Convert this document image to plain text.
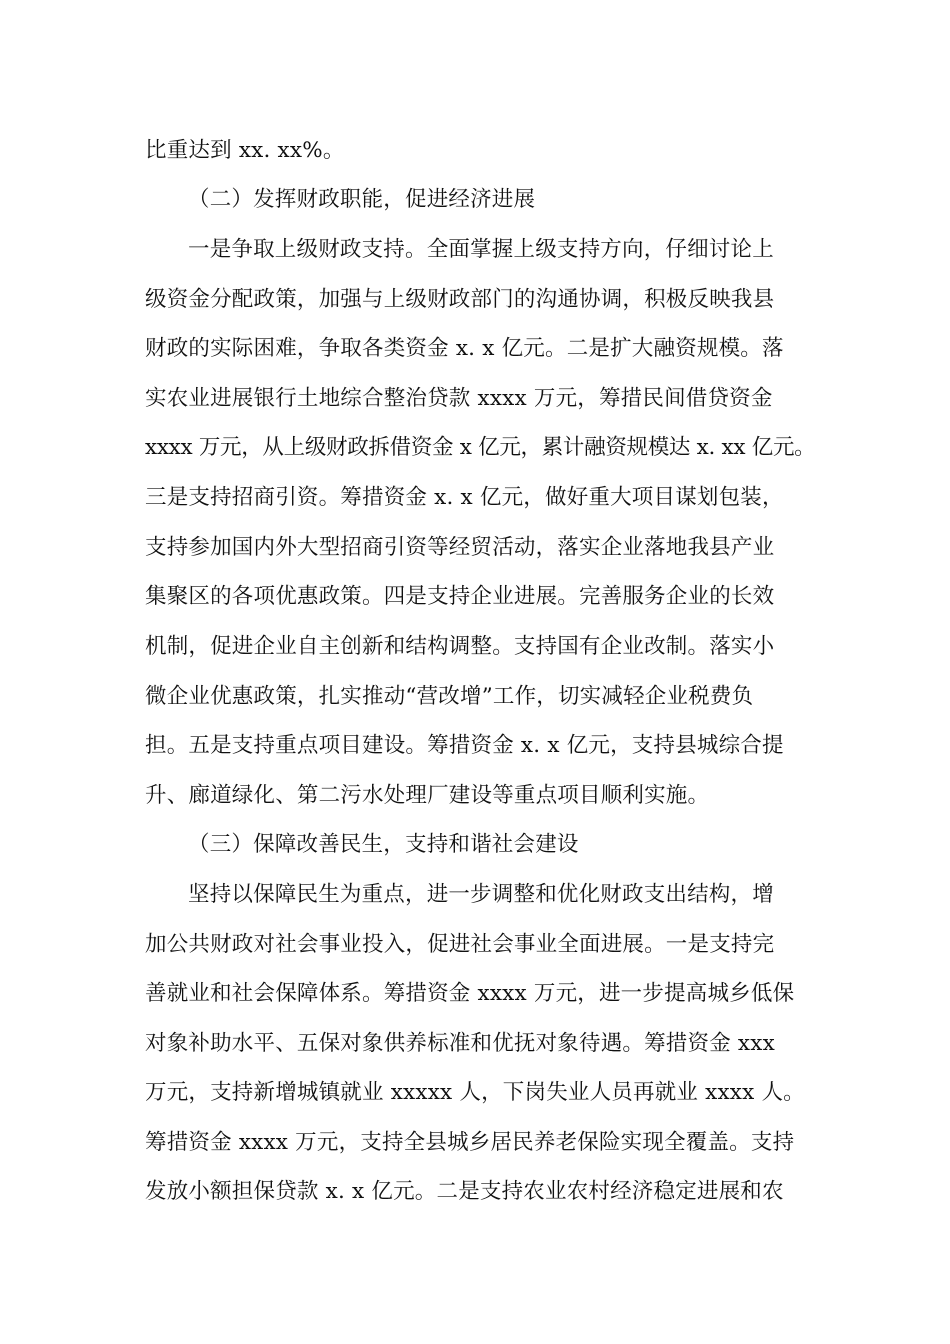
比重达到 xx. xx%。
（二）发挥财政职能，促进经济进展
一是争取上级财政支持。全面掌握上级支持方向，仔细讨论上
级资金分配政策，加强与上级财政部门的沟通协调，积极反映我县
财政的实际困难，争取各类资金 x. x 亿元。二是扩大融资规模。落
实农业进展银行土地综合整治贷款 xxxx 万元，筹措民间借贷资金
xxxx 万元，从上级财政拆借资金 x 亿元，累计融资规模达 x. xx 亿元。
三是支持招商引资。筹措资金 x. x 亿元，做好重大项目谋划包装，
支持参加国内外大型招商引资等经贸活动，落实企业落地我县产业
集聚区的各项优惠政策。四是支持企业进展。完善服务企业的长效
机制，促进企业自主创新和结构调整。支持国有企业改制。落实小
微企业优惠政策，扎实推动“营改增”工作，切实减轻企业税费负
担。五是支持重点项目建设。筹措资金 x. x 亿元，支持县城综合提
升、廊道绿化、第二污水处理厂建设等重点项目顺利实施。
（三）保障改善民生，支持和谐社会建设
坚持以保障民生为重点，进一步调整和优化财政支出结构，增
加公共财政对社会事业投入，促进社会事业全面进展。一是支持完
善就业和社会保障体系。筹措资金 xxxx 万元，进一步提高城乡低保
对象补助水平、五保对象供养标准和优抚对象待遇。筹措资金 xxx
万元，支持新增城镇就业 xxxxx 人，下岗失业人员再就业 xxxx 人。
筹措资金 xxxx 万元，支持全县城乡居民养老保险实现全覆盖。支持
发放小额担保贷款 x. x 亿元。二是支持农业农村经济稳定进展和农
